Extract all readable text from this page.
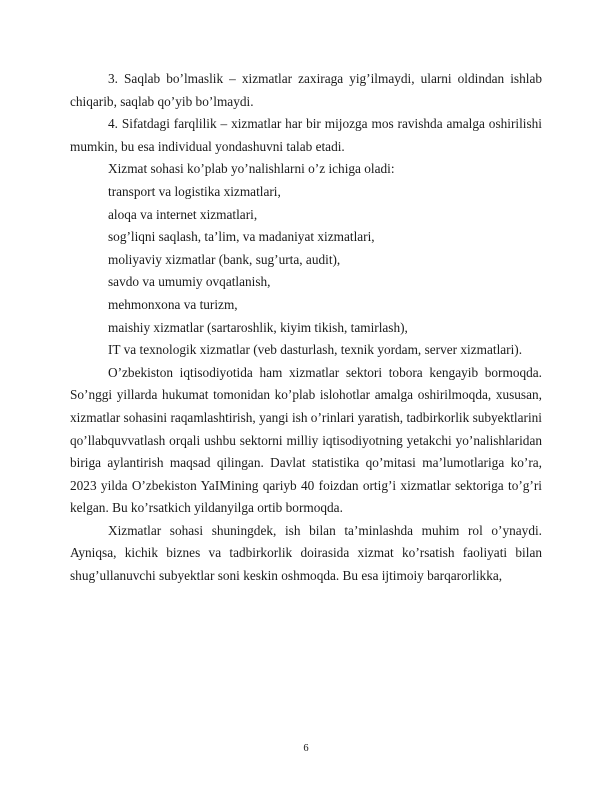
3. Saqlab bo’lmaslik – xizmatlar zaxiraga yig’ilmaydi, ularni oldindan ishlab chiqarib, saqlab qo’yib bo’lmaydi.

4. Sifatdagi farqlilik – xizmatlar har bir mijozga mos ravishda amalga oshirilishi mumkin, bu esa individual yondashuvni talab etadi.

Xizmat sohasi ko’plab yo’nalishlarni o’z ichiga oladi:

transport va logistika xizmatlari,

aloqa va internet xizmatlari,

sog’liqni saqlash, ta’lim, va madaniyat xizmatlari,

moliyaviy xizmatlar (bank, sug’urta, audit),

savdo va umumiy ovqatlanish,

mehmonxona va turizm,

maishiy xizmatlar (sartaroshlik, kiyim tikish, tamirlash),

IT va texnologik xizmatlar (veb dasturlash, texnik yordam, server xizmatlari).

O’zbekiston iqtisodiyotida ham xizmatlar sektori tobora kengayib bormoqda. So’nggi yillarda hukumat tomonidan ko’plab islohotlar amalga oshirilmoqda, xususan, xizmatlar sohasini raqamlashtirish, yangi ish o’rinlari yaratish, tadbirkorlik subyektlarini qo’llabquvvatlash orqali ushbu sektorni milliy iqtisodiyotning yetakchi yo’nalishlaridan biriga aylantirish maqsad qilingan. Davlat statistika qo’mitasi ma’lumotlariga ko’ra, 2023 yilda O’zbekiston YaIMining qariyb 40 foizdan ortig’i xizmatlar sektoriga to’g’ri kelgan. Bu ko’rsatkich yildanyilga ortib bormoqda.

Xizmatlar sohasi shuningdek, ish bilan ta’minlashda muhim rol o’ynaydi. Ayniqsa, kichik biznes va tadbirkorlik doirasida xizmat ko’rsatish faoliyati bilan shug’ullanuvchi subyektlar soni keskin oshmoqda. Bu esa ijtimoiy barqarorlikka,

6
